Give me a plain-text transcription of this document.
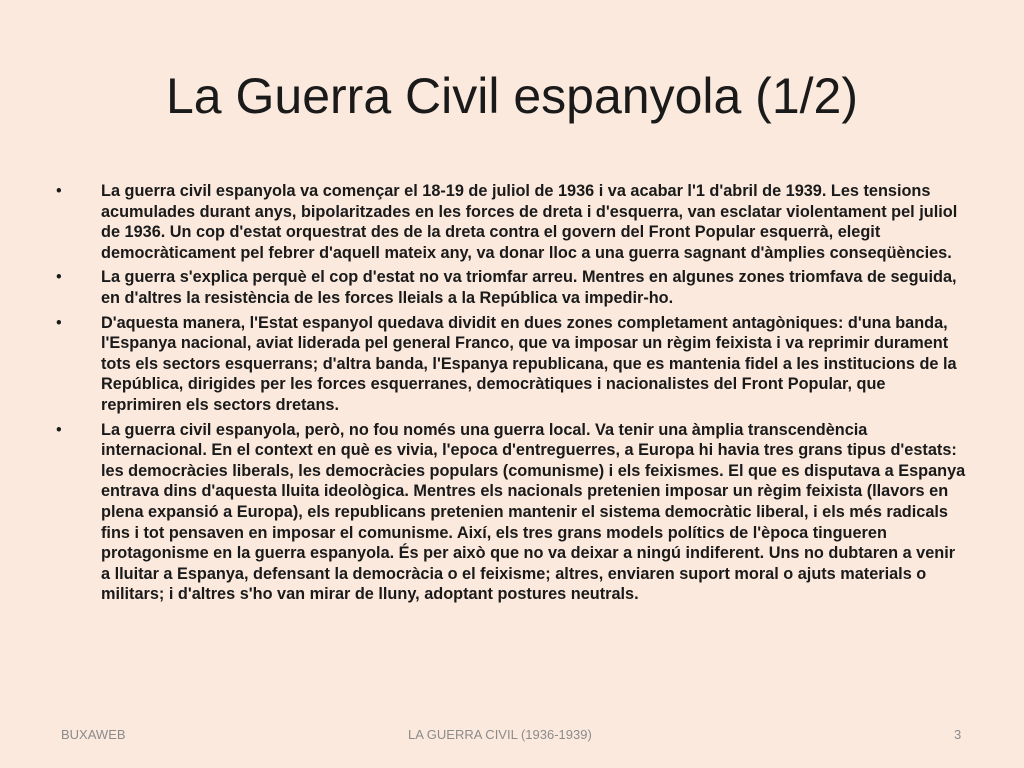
La Guerra Civil espanyola (1/2)
• La guerra civil espanyola va començar el 18-19 de juliol de 1936 i va acabar l'1 d'abril de 1939. Les tensions acumulades durant anys, bipolaritzades en les forces de dreta i d'esquerra, van esclatar violentament pel juliol de 1936. Un cop d'estat orquestrat des de la dreta contra el govern del Front Popular esquerrà, elegit democràticament pel febrer d'aquell mateix any, va donar lloc a una guerra sagnant d'àmplies conseqüències.
• La guerra s'explica perquè el cop d'estat no va triomfar arreu. Mentres en algunes zones triomfava de seguida, en d'altres la resistència de les forces lleials a la República va impedir-ho.
• D'aquesta manera, l'Estat espanyol quedava dividit en dues zones completament antagòniques: d'una banda, l'Espanya nacional, aviat liderada pel general Franco, que va imposar un règim feixista i va reprimir durament tots els sectors esquerrans; d'altra banda, l'Espanya republicana, que es mantenia fidel a les institucions de la República, dirigides per les forces esquerranes, democràtiques i nacionalistes del Front Popular, que reprimiren els sectors dretans.
• La guerra civil espanyola, però, no fou només una guerra local. Va tenir una àmplia transcendència internacional. En el context en què es vivia, l'epoca d'entreguerres, a Europa hi havia tres grans tipus d'estats: les democràcies liberals, les democràcies populars (comunisme) i els feixismes. El que es disputava a Espanya entrava dins d'aquesta lluita ideològica. Mentres els nacionals pretenien imposar un règim feixista (llavors en plena expansió a Europa), els republicans pretenien mantenir el sistema democràtic liberal, i els més radicals fins i tot pensaven en imposar el comunisme. Així, els tres grans models polítics de l'època tingueren protagonisme en la guerra espanyola. És per això que no va deixar a ningú indiferent. Uns no dubtaren a venir a lluitar a Espanya, defensant la democràcia o el feixisme; altres, enviaren suport moral o ajuts materials o militars; i d'altres s'ho van mirar de lluny, adoptant postures neutrals.
BUXAWEB	LA GUERRA CIVIL (1936-1939)	3
